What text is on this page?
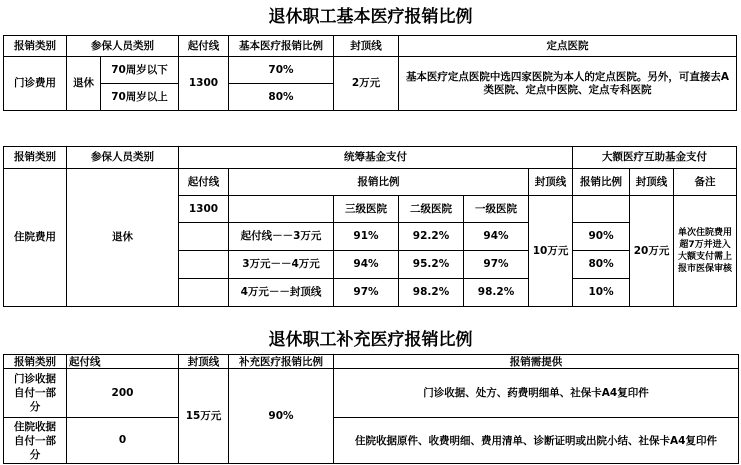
退休职工基本医疗报销比例
报销类别	参保人员类别		起付线	基本医疗报销比例	封顶线	定点医院
门诊费用	退休	70周岁以下	1300	70%	2万元	基本医疗定点医院中选四家医院为本人的定点医院。另外，可直接去A类医院、定点中医院、定点专科医院
		70周岁以上		80%		
报销类别	参保人员类别	统筹基金支付						大额医疗互助基金支付		
住院费用	退休	起付线	报销比例				封顶线	报销比例	封顶线	备注
		1300		三级医院	二级医院	一级医院	10万元		20万元	单次住院费用超7万并进入大额支付需上报市医保审核
			起付线－－3万元	91%	92.2%	94%		90%		
			3万元－－4万元	94%	95.2%	97%		80%		
			4万元－－封顶线	97%	98.2%	98.2%		10%		
退休职工补充医疗报销比例
报销类别	起付线	封顶线	补充医疗报销比例	报销需提供
门诊收据自付一部分	200	15万元	90%	门诊收据、处方、药费明细单、社保卡A4复印件
住院收据自付一部分	0			住院收据原件、收费明细、费用清单、诊断证明或出院小结、社保卡A4复印件
